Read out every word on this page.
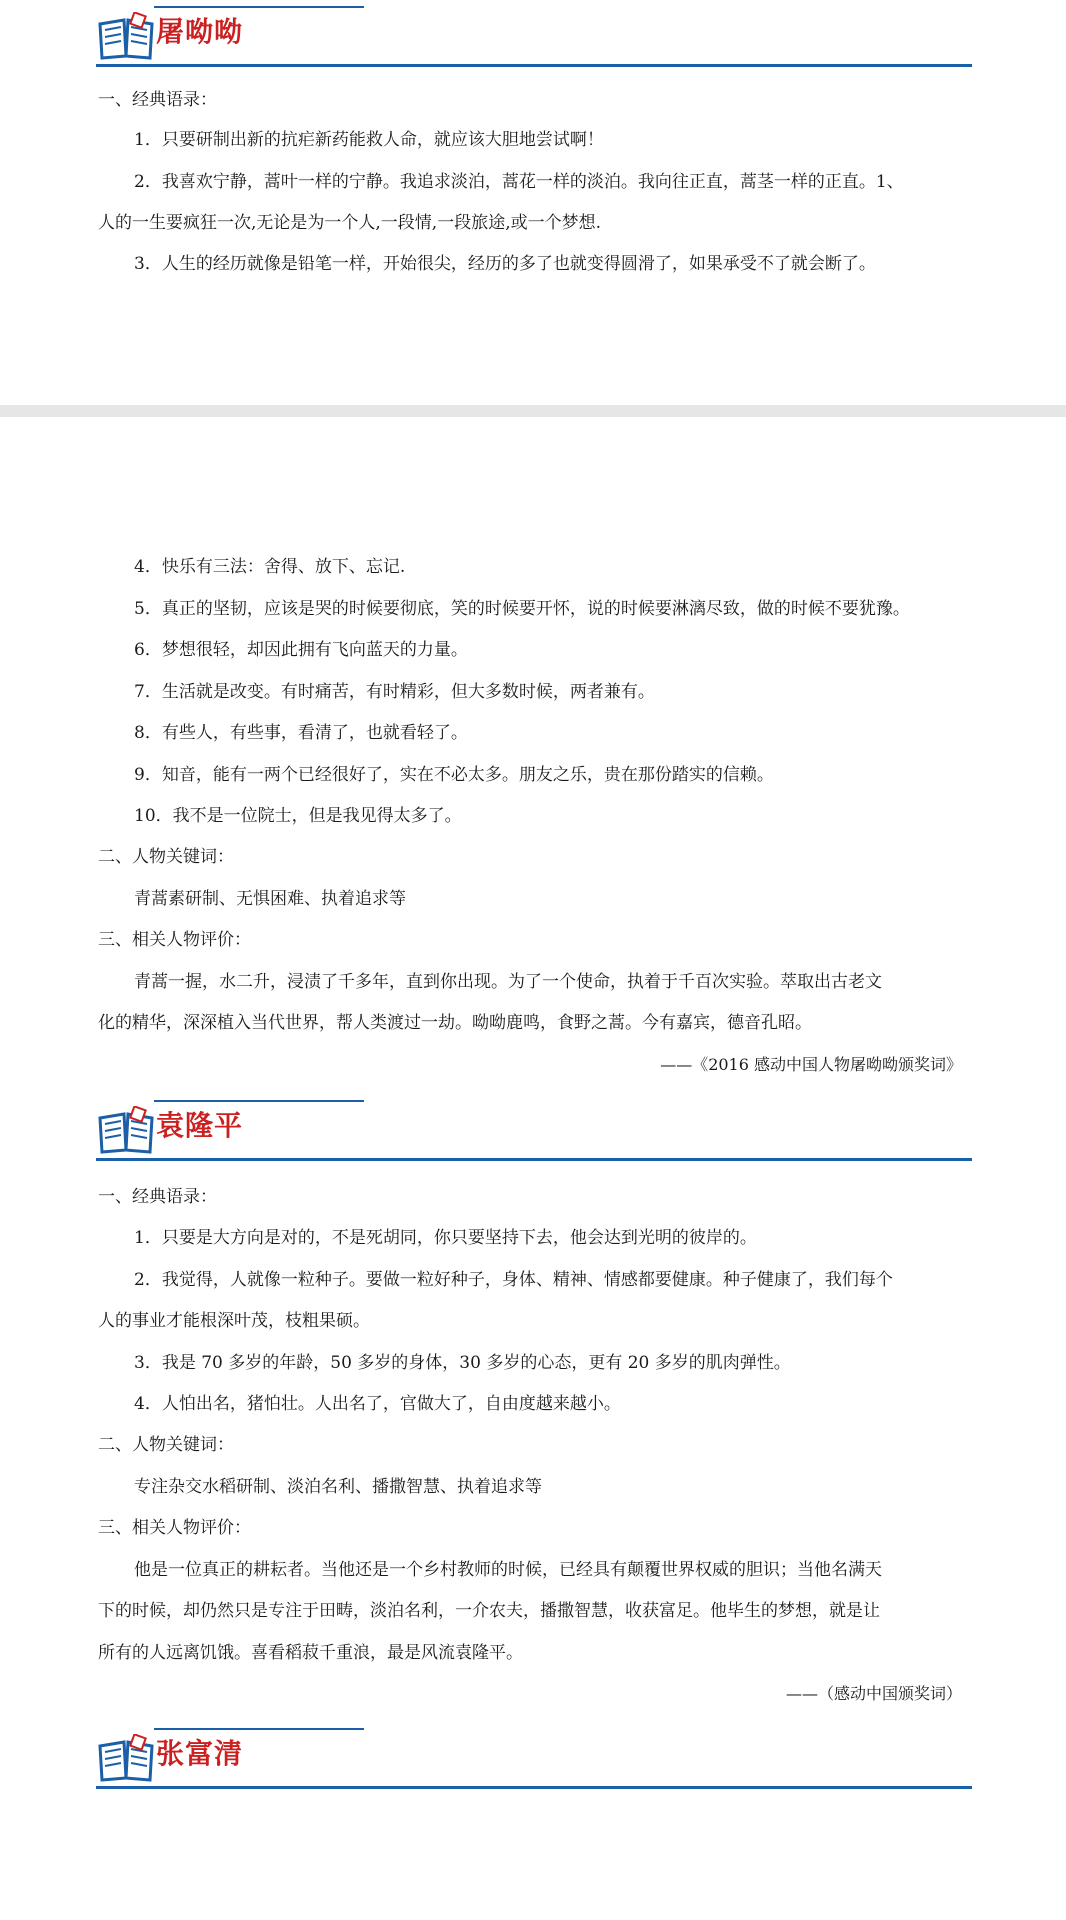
屠呦呦
一、经典语录：
1．只要研制出新的抗疟新药能救人命，就应该大胆地尝试啊！
2．我喜欢宁静，蒿叶一样的宁静。我追求淡泊，蒿花一样的淡泊。我向往正直，蒿茎一样的正直。1、
人的一生要疯狂一次,无论是为一个人,一段情,一段旅途,或一个梦想.
3．人生的经历就像是铅笔一样，开始很尖，经历的多了也就变得圆滑了，如果承受不了就会断了。
4．快乐有三法：舍得、放下、忘记.
5．真正的坚韧，应该是哭的时候要彻底，笑的时候要开怀，说的时候要淋漓尽致，做的时候不要犹豫。
6．梦想很轻，却因此拥有飞向蓝天的力量。
7．生活就是改变。有时痛苦，有时精彩，但大多数时候，两者兼有。
8．有些人，有些事，看清了，也就看轻了。
9．知音，能有一两个已经很好了，实在不必太多。朋友之乐，贵在那份踏实的信赖。
10．我不是一位院士，但是我见得太多了。
二、人物关键词：
青蒿素研制、无惧困难、执着追求等
三、相关人物评价：
青蒿一握，水二升，浸渍了千多年，直到你出现。为了一个使命，执着于千百次实验。萃取出古老文
化的精华，深深植入当代世界，帮人类渡过一劫。呦呦鹿鸣，食野之蒿。今有嘉宾，德音孔昭。
——《2016 感动中国人物屠呦呦颁奖词》
袁隆平
一、经典语录：
1．只要是大方向是对的，不是死胡同，你只要坚持下去，他会达到光明的彼岸的。
2．我觉得，人就像一粒种子。要做一粒好种子，身体、精神、情感都要健康。种子健康了，我们每个
人的事业才能根深叶茂，枝粗果硕。
3．我是 70 多岁的年龄，50 多岁的身体，30 多岁的心态，更有 20 多岁的肌肉弹性。
4．人怕出名，猪怕壮。人出名了，官做大了，自由度越来越小。
二、人物关键词：
专注杂交水稻研制、淡泊名利、播撒智慧、执着追求等
三、相关人物评价：
他是一位真正的耕耘者。当他还是一个乡村教师的时候，已经具有颠覆世界权威的胆识；当他名满天
下的时候，却仍然只是专注于田畴，淡泊名利，一介农夫，播撒智慧，收获富足。他毕生的梦想，就是让
所有的人远离饥饿。喜看稻菽千重浪，最是风流袁隆平。
——（感动中国颁奖词）
张富清
